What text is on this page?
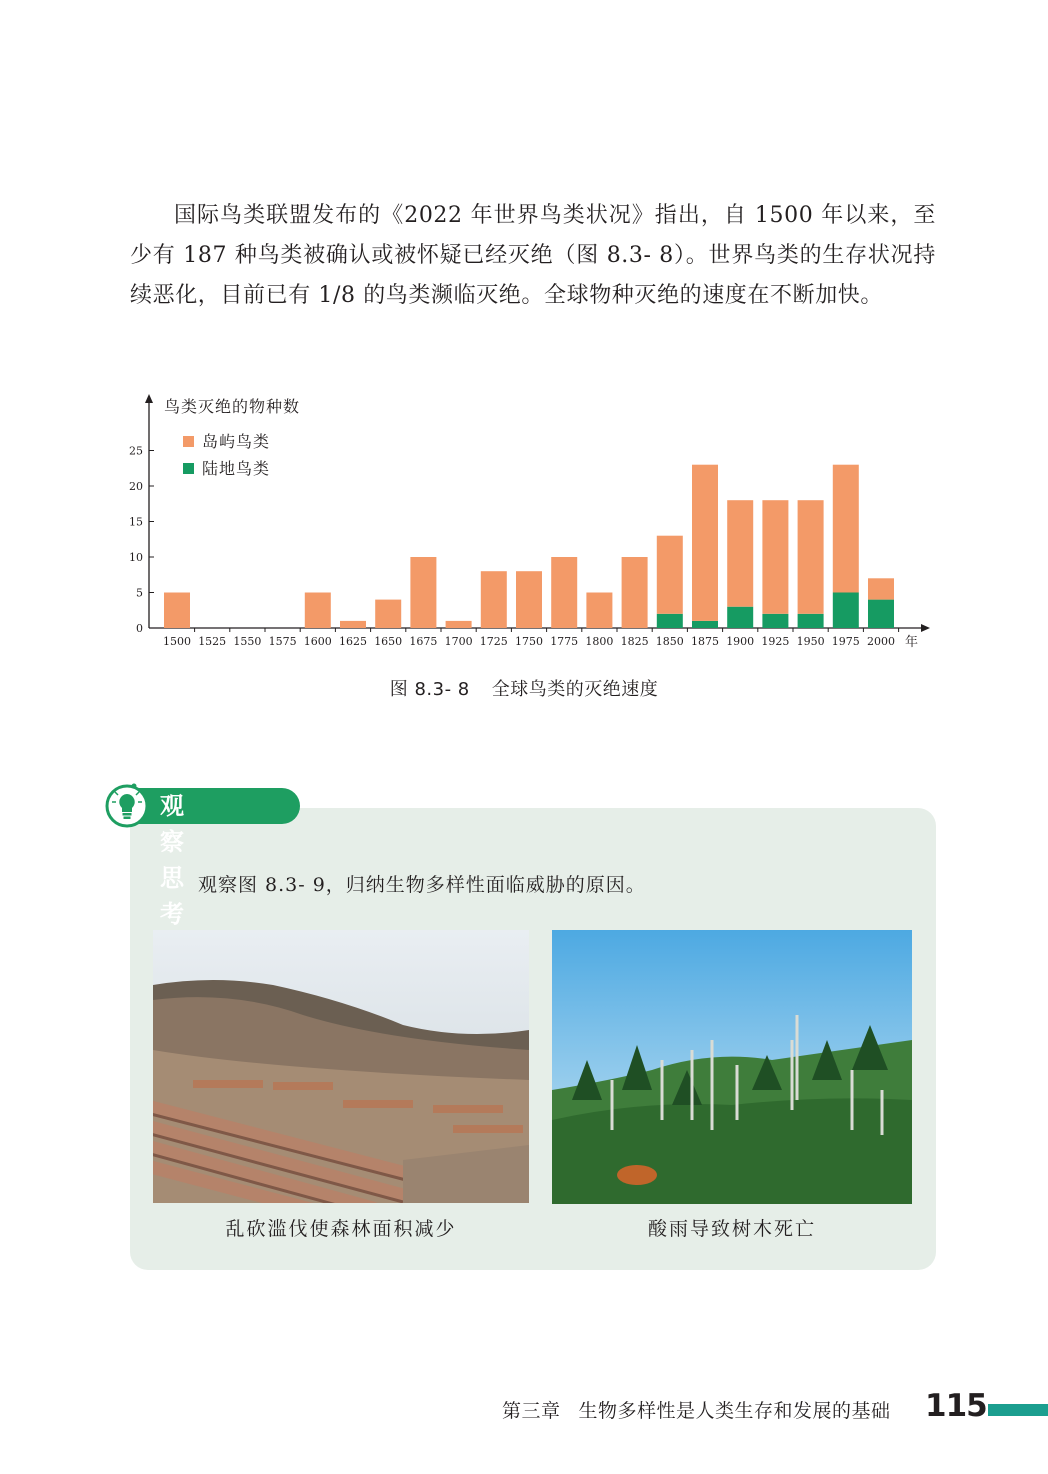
国际鸟类联盟发布的《2022 年世界鸟类状况》指出，自 1500 年以来，至少有 187 种鸟类被确认或被怀疑已经灭绝（图 8.3- 8）。世界鸟类的生存状况持续恶化，目前已有 1/8 的鸟类濒临灭绝。全球物种灭绝的速度在不断加快。

0
5
10
15
20
25
鸟类灭绝的物种数
年
1500 1525 1550 1575 1600 1625 1650 1675 1700 1725 1750 1775 1800 1825 1850 1875 1900 1925 1950 1975 2000
岛屿鸟类
陆地鸟类
图 8.3- 8 全球鸟类的灭绝速度
观察思考
观察图 8.3- 9，归纳生物多样性面临威胁的原因。
乱砍滥伐使森林面积减少	酸雨导致树木死亡
第三章 生物多样性是人类生存和发展的基础 115
